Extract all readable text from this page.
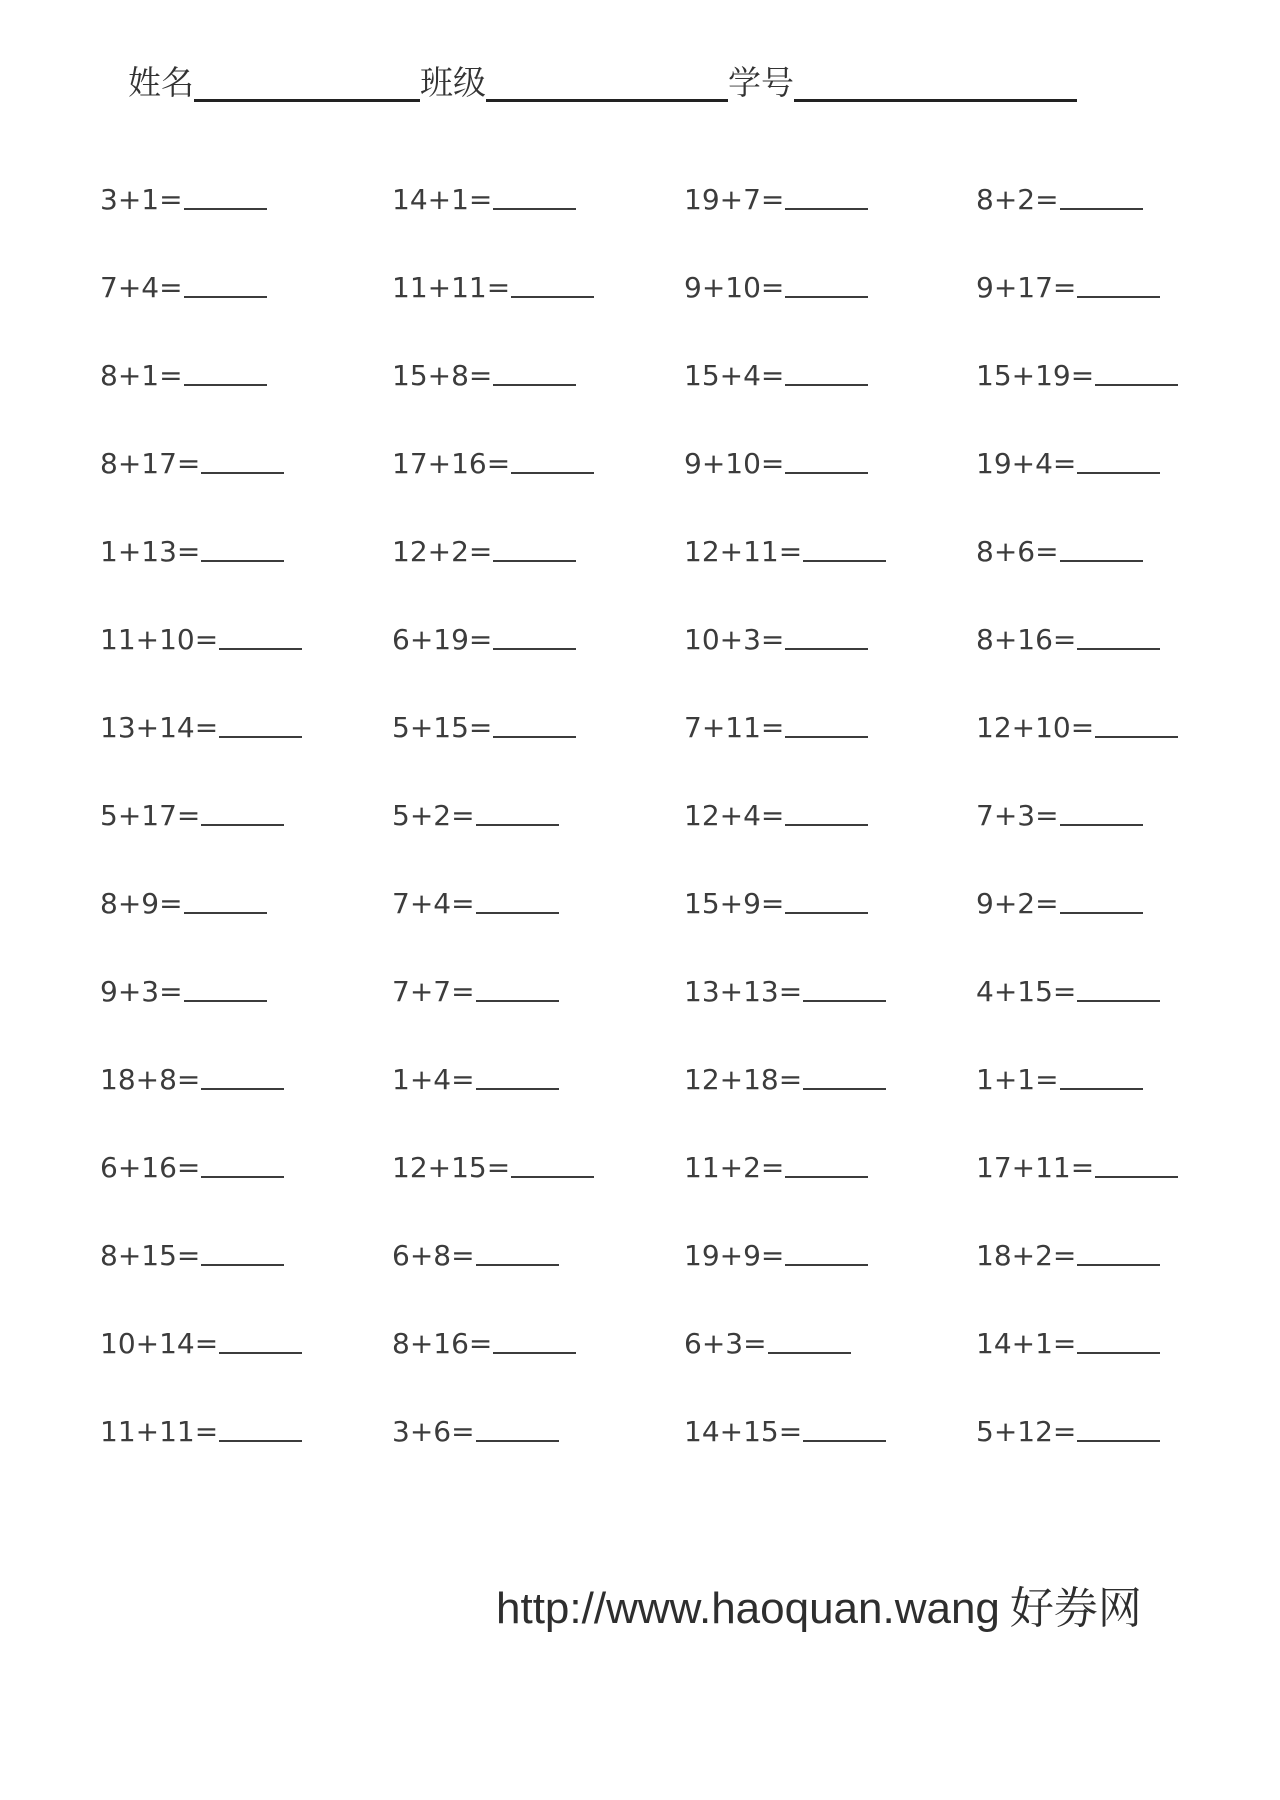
姓名	班级	学号
3+1=	14+1=	19+7=	8+2=
7+4=	11+11=	9+10=	9+17=
8+1=	15+8=	15+4=	15+19=
8+17=	17+16=	9+10=	19+4=
1+13=	12+2=	12+11=	8+6=
11+10=	6+19=	10+3=	8+16=
13+14=	5+15=	7+11=	12+10=
5+17=	5+2=	12+4=	7+3=
8+9=	7+4=	15+9=	9+2=
9+3=	7+7=	13+13=	4+15=
18+8=	1+4=	12+18=	1+1=
6+16=	12+15=	11+2=	17+11=
8+15=	6+8=	19+9=	18+2=
10+14=	8+16=	6+3=	14+1=
11+11=	3+6=	14+15=	5+12=
http://www.haoquan.wang 好券网
